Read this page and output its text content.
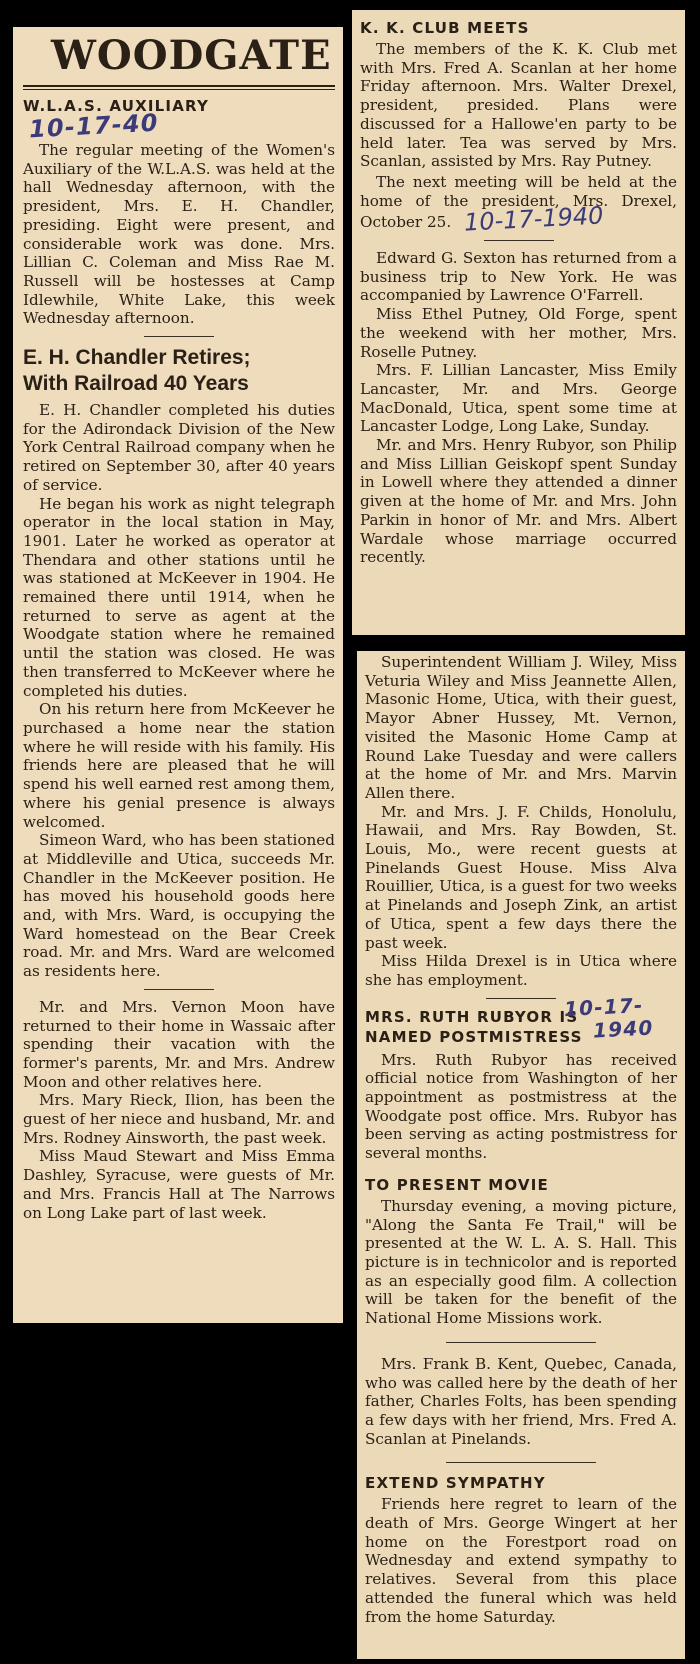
WOODGATE
W.L.A.S. AUXILIARY 10-17-40

The regular meeting of the Women's Auxiliary of the W.L.A.S. was held at the hall Wednesday afternoon, with the president, Mrs. E. H. Chandler, presiding. Eight were present, and considerable work was done. Mrs. Lillian C. Coleman and Miss Rae M. Russell will be hostesses at Camp Idlewhile, White Lake, this week Wednesday afternoon.

E. H. Chandler Retires;
With Railroad 40 Years

E. H. Chandler completed his duties for the Adirondack Division of the New York Central Railroad company when he retired on September 30, after 40 years of service.

He began his work as night telegraph operator in the local station in May, 1901. Later he worked as operator at Thendara and other stations until he was stationed at McKeever in 1904. He remained there until 1914, when he returned to serve as agent at the Woodgate station where he remained until the station was closed. He was then transferred to McKeever where he completed his duties.

On his return here from McKeever he purchased a home near the station where he will reside with his family. His friends here are pleased that he will spend his well earned rest among them, where his genial presence is always welcomed.

Simeon Ward, who has been stationed at Middleville and Utica, succeeds Mr. Chandler in the McKeever position. He has moved his household goods here and, with Mrs. Ward, is occupying the Ward homestead on the Bear Creek road. Mr. and Mrs. Ward are welcomed as residents here.

Mr. and Mrs. Vernon Moon have returned to their home in Wassaic after spending their vacation with the former's parents, Mr. and Mrs. Andrew Moon and other relatives here.

Mrs. Mary Rieck, Ilion, has been the guest of her niece and husband, Mr. and Mrs. Rodney Ainsworth, the past week.

Miss Maud Stewart and Miss Emma Dashley, Syracuse, were guests of Mr. and Mrs. Francis Hall at The Narrows on Long Lake part of last week.

K. K. CLUB MEETS

The members of the K. K. Club met with Mrs. Fred A. Scanlan at her home Friday afternoon. Mrs. Walter Drexel, president, presided. Plans were discussed for a Hallowe'en party to be held later. Tea was served by Mrs. Scanlan, assisted by Mrs. Ray Putney.

The next meeting will be held at the home of the president, Mrs. Drexel, October 25. 10-17-1940

Edward G. Sexton has returned from a business trip to New York. He was accompanied by Lawrence O'Farrell.

Miss Ethel Putney, Old Forge, spent the weekend with her mother, Mrs. Roselle Putney.

Mrs. F. Lillian Lancaster, Miss Emily Lancaster, Mr. and Mrs. George MacDonald, Utica, spent some time at Lancaster Lodge, Long Lake, Sunday.

Mr. and Mrs. Henry Rubyor, son Philip and Miss Lillian Geiskopf spent Sunday in Lowell where they attended a dinner given at the home of Mr. and Mrs. John Parkin in honor of Mr. and Mrs. Albert Wardale whose marriage occurred recently.

Superintendent William J. Wiley, Miss Veturia Wiley and Miss Jeannette Allen, Masonic Home, Utica, with their guest, Mayor Abner Hussey, Mt. Vernon, visited the Masonic Home Camp at Round Lake Tuesday and were callers at the home of Mr. and Mrs. Marvin Allen there.

Mr. and Mrs. J. F. Childs, Honolulu, Hawaii, and Mrs. Ray Bowden, St. Louis, Mo., were recent guests at Pinelands Guest House. Miss Alva Rouillier, Utica, is a guest for two weeks at Pinelands and Joseph Zink, an artist of Utica, spent a few days there the past week.

Miss Hilda Drexel is in Utica where she has employment.

MRS. RUTH RUBYOR IS
NAMED POSTMISTRESS
10-17-
1940

Mrs. Ruth Rubyor has received official notice from Washington of her appointment as postmistress at the Woodgate post office. Mrs. Rubyor has been serving as acting postmistress for several months.

TO PRESENT MOVIE

Thursday evening, a moving picture, "Along the Santa Fe Trail," will be presented at the W. L. A. S. Hall. This picture is in technicolor and is reported as an especially good film. A collection will be taken for the benefit of the National Home Missions work.

Mrs. Frank B. Kent, Quebec, Canada, who was called here by the death of her father, Charles Folts, has been spending a few days with her friend, Mrs. Fred A. Scanlan at Pinelands.

EXTEND SYMPATHY

Friends here regret to learn of the death of Mrs. George Wingert at her home on the Forestport road on Wednesday and extend sympathy to relatives. Several from this place attended the funeral which was held from the home Saturday.
